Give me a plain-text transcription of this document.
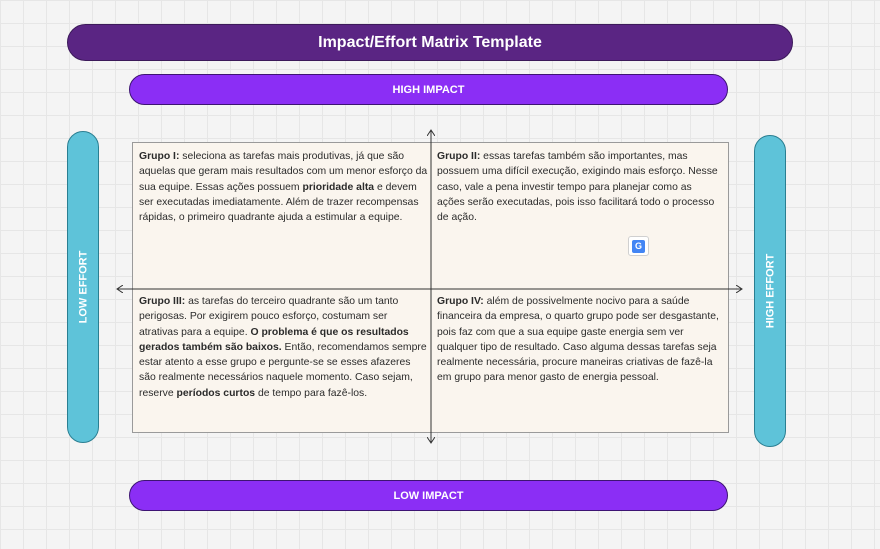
Impact/Effort Matrix Template
HIGH IMPACT
LOW EFFORT	HIGH EFFORT
Grupo I: seleciona as tarefas mais produtivas, já que são aquelas que geram mais resultados com um menor esforço da sua equipe. Essas ações possuem prioridade alta e devem ser executadas imediatamente. Além de trazer recompensas rápidas, o primeiro quadrante ajuda a estimular a equipe.
Grupo II: essas tarefas também são importantes, mas possuem uma difícil execução, exigindo mais esforço. Nesse caso, vale a pena investir tempo para planejar como as ações serão executadas, pois isso facilitará todo o processo de ação.
G
Grupo III: as tarefas do terceiro quadrante são um tanto perigosas. Por exigirem pouco esforço, costumam ser atrativas para a equipe. O problema é que os resultados gerados também são baixos. Então, recomendamos sempre estar atento a esse grupo e pergunte-se se esses afazeres são realmente necessários naquele momento. Caso sejam, reserve períodos curtos de tempo para fazê-los.
Grupo IV: além de possivelmente nocivo para a saúde financeira da empresa, o quarto grupo pode ser desgastante, pois faz com que a sua equipe gaste energia sem ver qualquer tipo de resultado. Caso alguma dessas tarefas seja realmente necessária, procure maneiras criativas de fazê-la em grupo para menor gasto de energia pessoal.
LOW IMPACT
